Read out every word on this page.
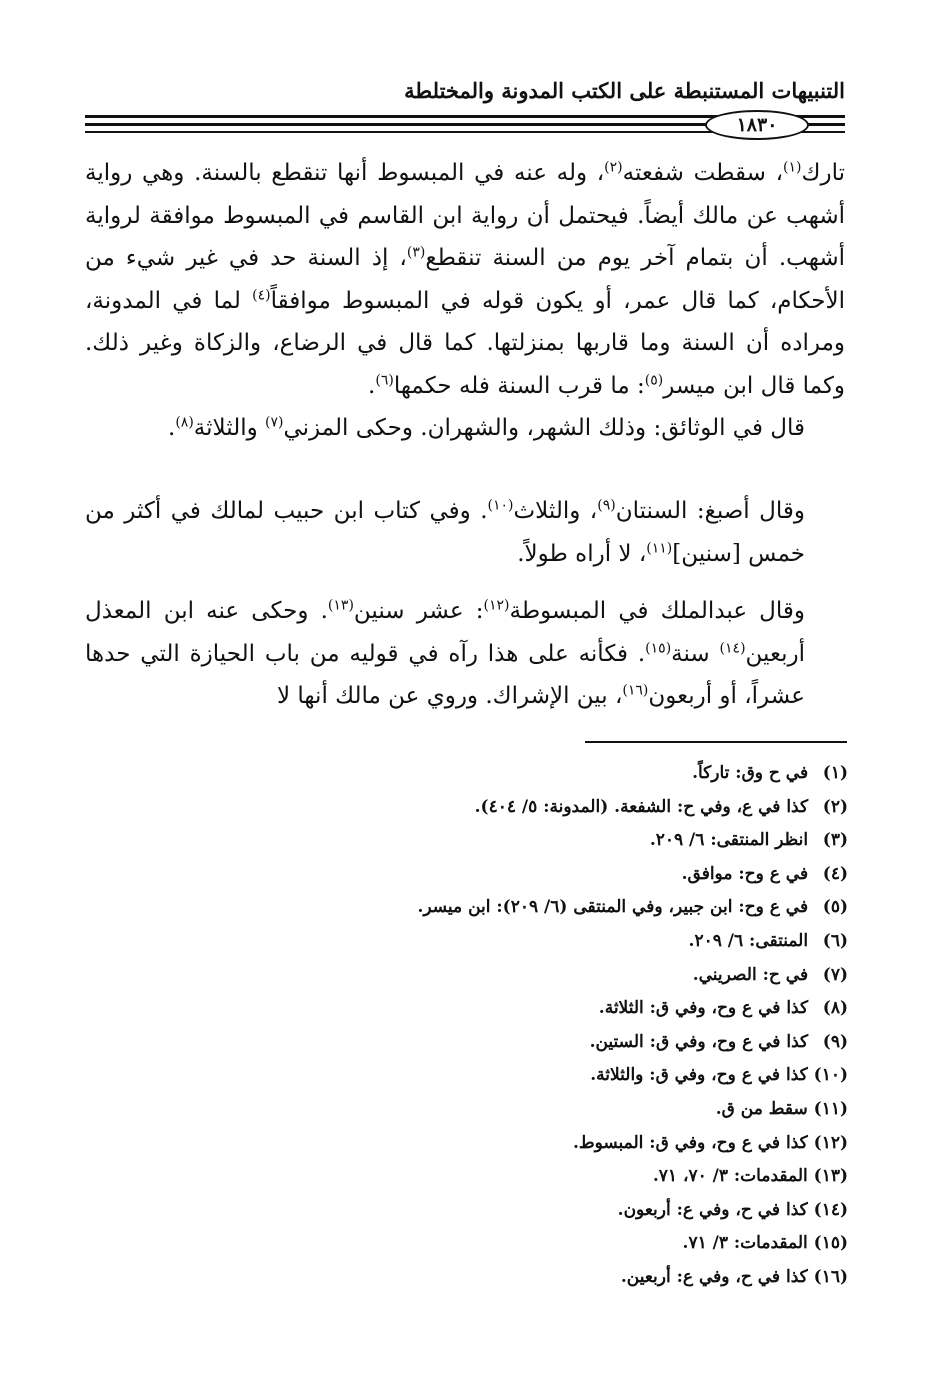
التنبيهات المستنبطة على الكتب المدونة والمختلطة
١٨٣٠
تارك$^{(١)}$، سقطت شفعته$^{(٢)}$، وله عنه في المبسوط أنها تنقطع بالسنة. وهي رواية أشهب عن مالك أيضاً. فيحتمل أن رواية ابن القاسم في المبسوط موافقة لرواية أشهب. أن بتمام آخر يوم من السنة تنقطع$^{(٣)}$، إذ السنة حد في غير شيء من الأحكام، كما قال عمر، أو يكون قوله في المبسوط موافقاً$^{(٤)}$ لما في المدونة، ومراده أن السنة وما قاربها بمنزلتها. كما قال في الرضاع، والزكاة وغير ذلك. وكما قال ابن ميسر$^{(٥)}$: ما قرب السنة فله حكمها$^{(٦)}$.
قال في الوثائق: وذلك الشهر، والشهران. وحكى المزني$^{(٧)}$ والثلاثة$^{(٨)}$.
وقال أصبغ: السنتان$^{(٩)}$، والثلاث$^{(١٠)}$. وفي كتاب ابن حبيب لمالك في أكثر من خمس [سنين]$^{(١١)}$، لا أراه طولاً.
وقال عبدالملك في المبسوطة$^{(١٢)}$: عشر سنين$^{(١٣)}$. وحكى عنه ابن المعذل أربعين$^{(١٤)}$ سنة$^{(١٥)}$. فكأنه على هذا رآه في قوليه من باب الحيازة التي حدها عشراً، أو أربعون$^{(١٦)}$، بين الإشراك. وروي عن مالك أنها لا
(١) في ح وق: تاركاً.
(٢) كذا في ع، وفي ح: الشفعة. (المدونة: ٥/ ٤٠٤).
(٣) انظر المنتقى: ٦/ ٢٠٩.
(٤) في ع وح: موافق.
(٥) في ع وح: ابن جبير، وفي المنتقى (٦/ ٢٠٩): ابن ميسر.
(٦) المنتقى: ٦/ ٢٠٩.
(٧) في ح: الصريني.
(٨) كذا في ع وح، وفي ق: الثلاثة.
(٩) كذا في ع وح، وفي ق: الستين.
(١٠) كذا في ع وح، وفي ق: والثلاثة.
(١١) سقط من ق.
(١٢) كذا في ع وح، وفي ق: المبسوط.
(١٣) المقدمات: ٣/ ٧٠، ٧١.
(١٤) كذا في ح، وفي ع: أربعون.
(١٥) المقدمات: ٣/ ٧١.
(١٦) كذا في ح، وفي ع: أربعين.
